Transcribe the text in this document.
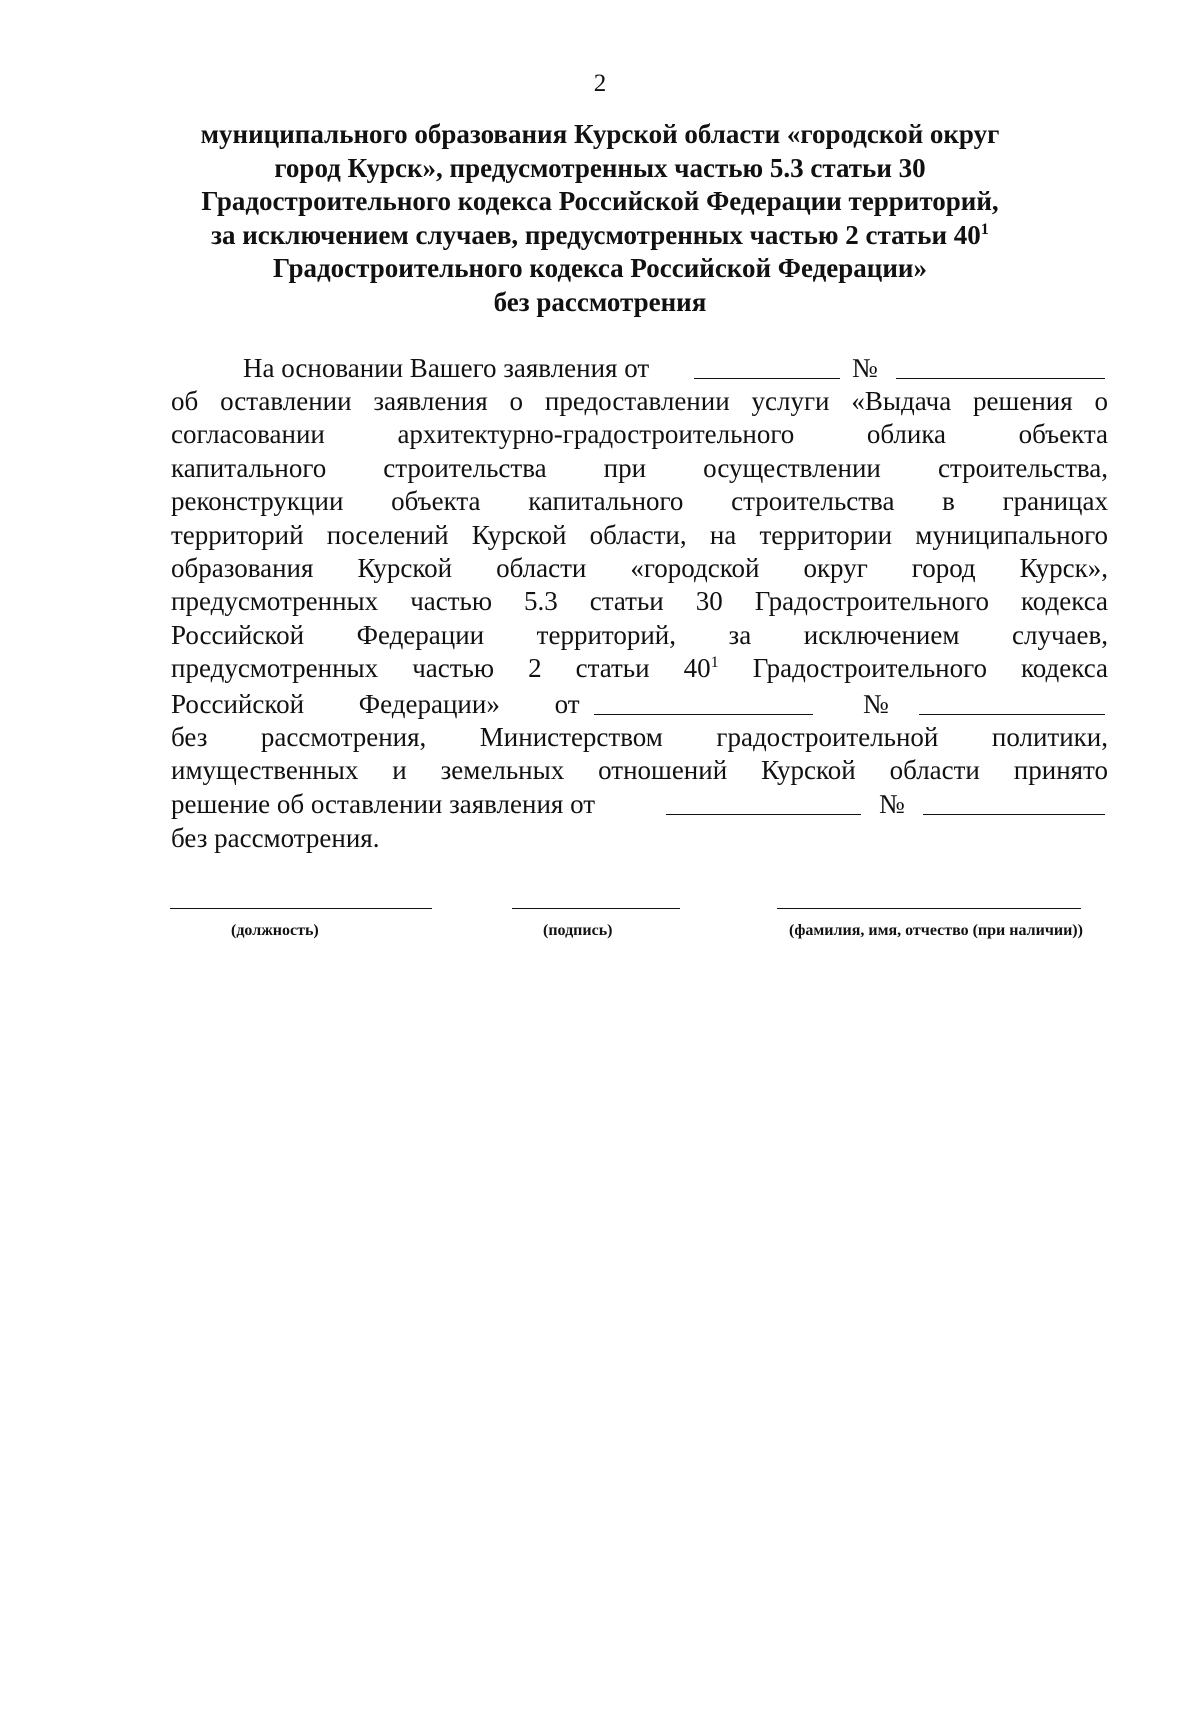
2
муниципального образования Курской области «городской округ
город Курск», предусмотренных частью 5.3 статьи 30
Градостроительного кодекса Российской Федерации территорий,
за исключением случаев, предусмотренных частью 2 статьи $40^1$
Градостроительного кодекса Российской Федерации»
без рассмотрения
На основании Вашего заявления от	№
об оставлении заявления о предоставлении услуги «Выдача решения о
согласовании архитектурно-градостроительного облика объекта
капитального строительства при осуществлении строительства,
реконструкции объекта капитального строительства в границах
территорий поселений Курской области, на территории муниципального
образования Курской области «городской округ город Курск»,
предусмотренных частью 5.3 статьи 30 Градостроительного кодекса
Российской Федерации территорий, за исключением случаев,
предусмотренных частью 2 статьи $40^1$ Градостроительного кодекса
Российской Федерации» от	№
без рассмотрения, Министерством градостроительной политики,
имущественных и земельных отношений Курской области принято
решение об оставлении заявления от	№
без рассмотрения.
(должность)	(подпись)	(фамилия, имя, отчество (при наличии))
